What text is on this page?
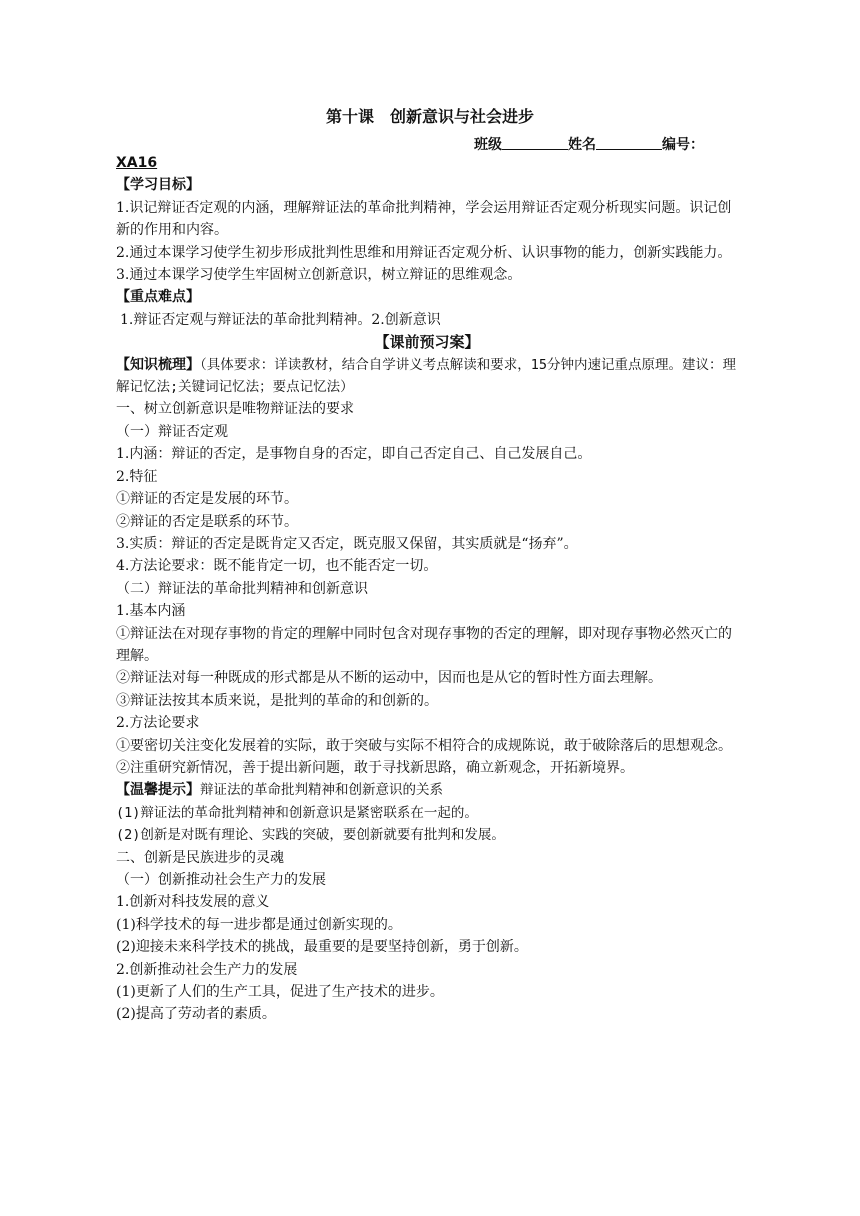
第十课　创新意识与社会进步
班级	姓名	编号：

XA16

【学习目标】

1.识记辩证否定观的内涵，理解辩证法的革命批判精神，学会运用辩证否定观分析现实问题。识记创新的作用和内容。

2.通过本课学习使学生初步形成批判性思维和用辩证否定观分析、认识事物的能力，创新实践能力。

3.通过本课学习使学生牢固树立创新意识，树立辩证的思维观念。

【重点难点】

1.辩证否定观与辩证法的革命批判精神。2.创新意识

【课前预习案】

【知识梳理】（具体要求：详读教材，结合自学讲义考点解读和要求，15分钟内速记重点原理。建议：理解记忆法;关键词记忆法；要点记忆法）

一、树立创新意识是唯物辩证法的要求

（一）辩证否定观

1.内涵：辩证的否定，是事物自身的否定，即自己否定自己、自己发展自己。

2.特征

①辩证的否定是发展的环节。

②辩证的否定是联系的环节。

3.实质：辩证的否定是既肯定又否定，既克服又保留，其实质就是“扬弃”。

4.方法论要求：既不能肯定一切，也不能否定一切。

（二）辩证法的革命批判精神和创新意识

1.基本内涵

①辩证法在对现存事物的肯定的理解中同时包含对现存事物的否定的理解，即对现存事物必然灭亡的理解。

②辩证法对每一种既成的形式都是从不断的运动中，因而也是从它的暂时性方面去理解。

③辩证法按其本质来说，是批判的革命的和创新的。

2.方法论要求

①要密切关注变化发展着的实际，敢于突破与实际不相符合的成规陈说，敢于破除落后的思想观念。

②注重研究新情况，善于提出新问题，敢于寻找新思路，确立新观念，开拓新境界。

【温馨提示】辩证法的革命批判精神和创新意识的关系

(1)辩证法的革命批判精神和创新意识是紧密联系在一起的。

(2)创新是对既有理论、实践的突破，要创新就要有批判和发展。

二、创新是民族进步的灵魂

（一）创新推动社会生产力的发展

1.创新对科技发展的意义

(1)科学技术的每一进步都是通过创新实现的。

(2)迎接未来科学技术的挑战，最重要的是要坚持创新，勇于创新。

2.创新推动社会生产力的发展

(1)更新了人们的生产工具，促进了生产技术的进步。

(2)提高了劳动者的素质。
